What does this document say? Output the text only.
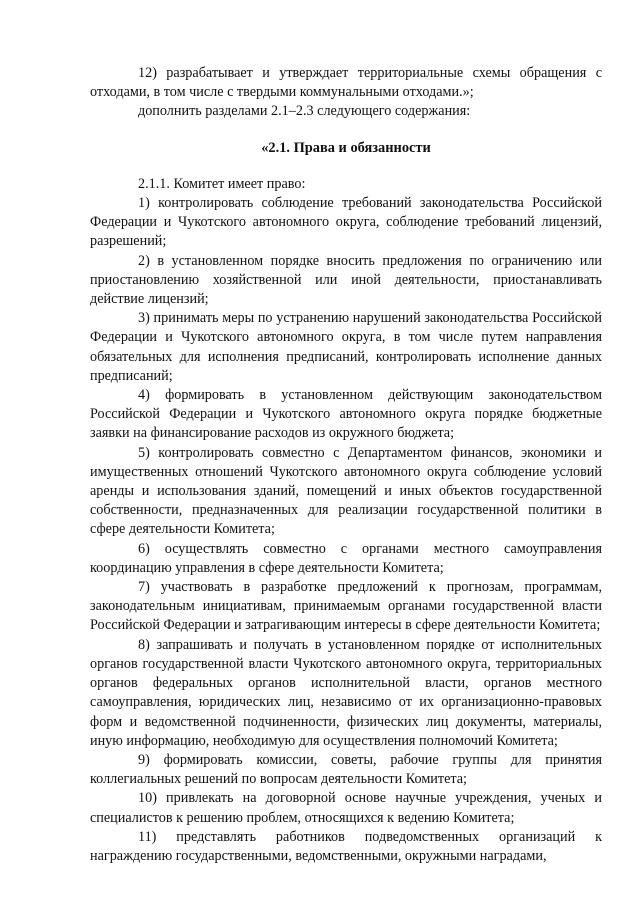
12) разрабатывает и утверждает территориальные схемы обращения с отходами, в том числе с твердыми коммунальными отходами.»;

дополнить разделами 2.1–2.3 следующего содержания:

«2.1. Права и обязанности

2.1.1. Комитет имеет право:

1) контролировать соблюдение требований законодательства Российской Федерации и Чукотского автономного округа, соблюдение требований лицензий, разрешений;

2) в установленном порядке вносить предложения по ограничению или приостановлению хозяйственной или иной деятельности, приостанавливать действие лицензий;

3) принимать меры по устранению нарушений законодательства Российской Федерации и Чукотского автономного округа, в том числе путем направления обязательных для исполнения предписаний, контролировать исполнение данных предписаний;

4) формировать в установленном действующим законодательством Российской Федерации и Чукотского автономного округа порядке бюджетные заявки на финансирование расходов из окружного бюджета;

5) контролировать совместно с Департаментом финансов, экономики и имущественных отношений Чукотского автономного округа соблюдение условий аренды и использования зданий, помещений и иных объектов государственной собственности, предназначенных для реализации государственной политики в сфере деятельности Комитета;

6) осуществлять совместно с органами местного самоуправления координацию управления в сфере деятельности Комитета;

7) участвовать в разработке предложений к прогнозам, программам, законодательным инициативам, принимаемым органами государственной власти Российской Федерации и затрагивающим интересы в сфере деятельности Комитета;

8) запрашивать и получать в установленном порядке от исполнительных органов государственной власти Чукотского автономного округа, территориальных органов федеральных органов исполнительной власти, органов местного самоуправления, юридических лиц, независимо от их организационно-правовых форм и ведомственной подчиненности, физических лиц документы, материалы, иную информацию, необходимую для осуществления полномочий Комитета;

9) формировать комиссии, советы, рабочие группы для принятия коллегиальных решений по вопросам деятельности Комитета;

10) привлекать на договорной основе научные учреждения, ученых и специалистов к решению проблем, относящихся к ведению Комитета;

11) представлять работников подведомственных организаций к награждению государственными, ведомственными, окружными наградами,
